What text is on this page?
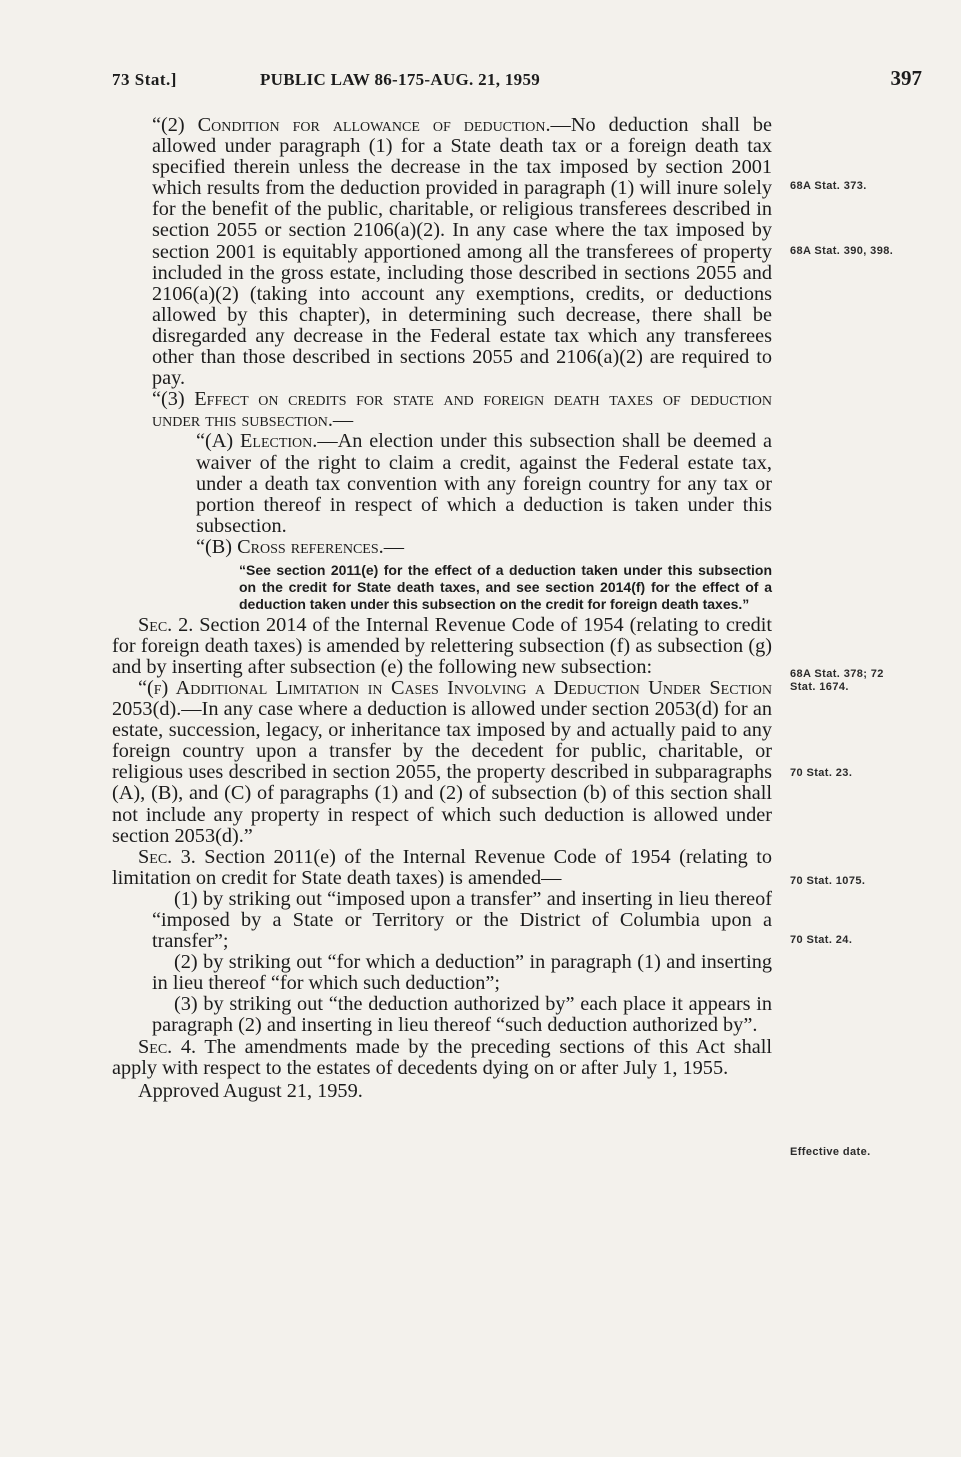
73 Stat.]	PUBLIC LAW 86-175-AUG. 21, 1959	397

“(2) Condition for allowance of deduction.—No deduction shall be allowed under paragraph (1) for a State death tax or a foreign death tax specified therein unless the decrease in the tax imposed by section 2001 which results from the deduction provided in paragraph (1) will inure solely for the benefit of the public, charitable, or religious transferees described in section 2055 or section 2106(a)(2). In any case where the tax imposed by section 2001 is equitably apportioned among all the transferees of property included in the gross estate, including those described in sections 2055 and 2106(a)(2) (taking into account any exemptions, credits, or deductions allowed by this chapter), in determining such decrease, there shall be disregarded any decrease in the Federal estate tax which any transferees other than those described in sections 2055 and 2106(a)(2) are required to pay.

“(3) Effect on credits for state and foreign death taxes of deduction under this subsection.—

“(A) Election.—An election under this subsection shall be deemed a waiver of the right to claim a credit, against the Federal estate tax, under a death tax convention with any foreign country for any tax or portion thereof in respect of which a deduction is taken under this subsection.

“(B) Cross references.—

“See section 2011(e) for the effect of a deduction taken under this subsection on the credit for State death taxes, and see section 2014(f) for the effect of a deduction taken under this subsection on the credit for foreign death taxes.”

Sec. 2. Section 2014 of the Internal Revenue Code of 1954 (relating to credit for foreign death taxes) is amended by relettering subsection (f) as subsection (g) and by inserting after subsection (e) the following new subsection:

“(f) Additional Limitation in Cases Involving a Deduction Under Section 2053(d).—In any case where a deduction is allowed under section 2053(d) for an estate, succession, legacy, or inheritance tax imposed by and actually paid to any foreign country upon a transfer by the decedent for public, charitable, or religious uses described in section 2055, the property described in subparagraphs (A), (B), and (C) of paragraphs (1) and (2) of subsection (b) of this section shall not include any property in respect of which such deduction is allowed under section 2053(d).”

Sec. 3. Section 2011(e) of the Internal Revenue Code of 1954 (relating to limitation on credit for State death taxes) is amended—

(1) by striking out “imposed upon a transfer” and inserting in lieu thereof “imposed by a State or Territory or the District of Columbia upon a transfer”;

(2) by striking out “for which a deduction” in paragraph (1) and inserting in lieu thereof “for which such deduction”;

(3) by striking out “the deduction authorized by” each place it appears in paragraph (2) and inserting in lieu thereof “such deduction authorized by”.

Sec. 4. The amendments made by the preceding sections of this Act shall apply with respect to the estates of decedents dying on or after July 1, 1955.

Approved August 21, 1959.

68A Stat. 373.
68A Stat. 390, 398.
68A Stat. 378; 72 Stat. 1674.
70 Stat. 23.
70 Stat. 1075.
70 Stat. 24.
Effective date.
